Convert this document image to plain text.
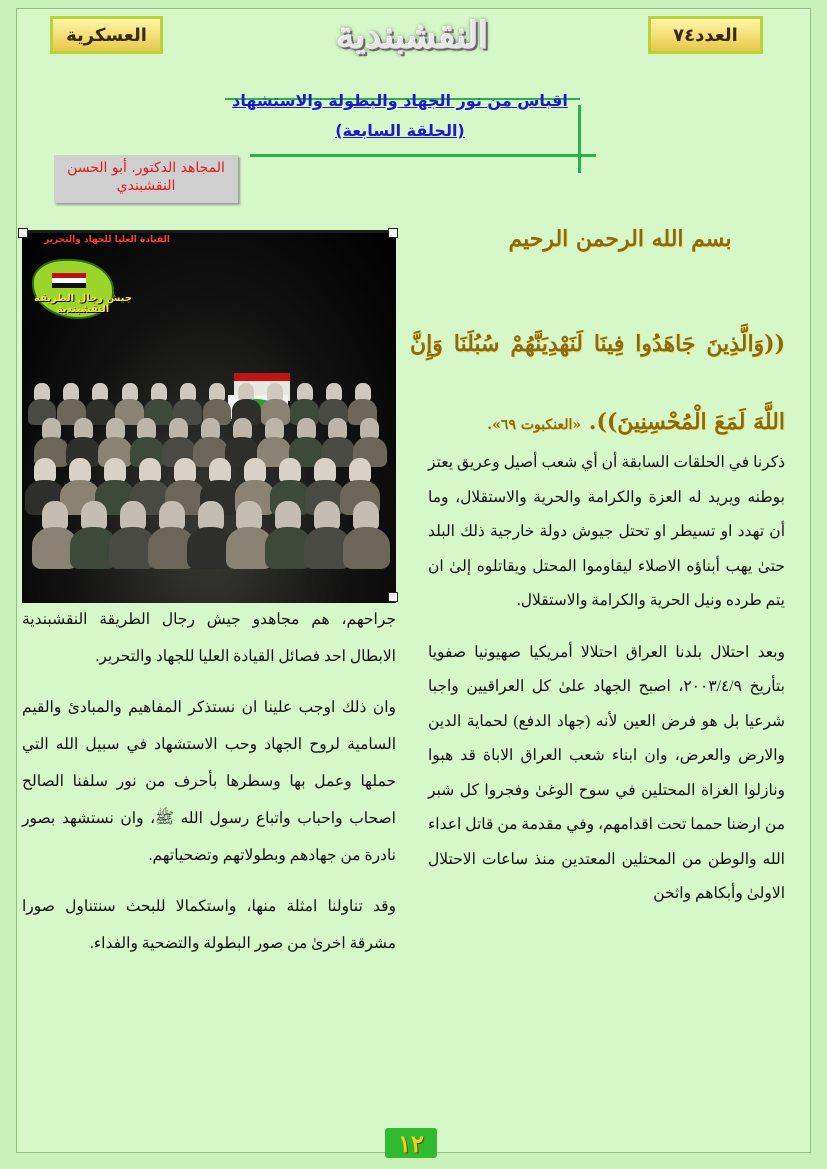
العسكرية	النقشبندية	العدد٧٤
اقباس من نور الجهاد والبطولة والاستشهاد
(الحلقة السابعة)
المجاهد الدكتور. أبو الحسن
النقشبندي
القيادة العليا للجهاد والتحرير
جيش رجال الطريقة النقشبندية
بسم الله الرحمن الرحيم
((وَالَّذِينَ جَاهَدُوا فِينَا لَنَهْدِيَنَّهُمْ سُبُلَنَا وَإِنَّ اللَّهَ لَمَعَ الْمُحْسِنِينَ)). «العنكبوت ٦٩».

ذكرنا في الحلقات السابقة أن أي شعب أصيل وعريق يعتز بوطنه ويريد له العزة والكرامة والحرية والاستقلال، وما أن تهدد او تسيطر او تحتل جيوش دولة خارجية ذلك البلد حتىٰ يهب أبناؤه الاصلاء ليقاوموا المحتل ويقاتلوه إلىٰ ان يتم طرده ونيل الحرية والكرامة والاستقلال.

وبعد احتلال بلدنا العراق احتلالا أمريكيا صهيونيا صفويا بتأريخ ٢٠٠٣/٤/٩، اصبح الجهاد علىٰ كل العراقيين واجبا شرعيا بل هو فرض العين لأنه (جهاد الدفع) لحماية الدين والارض والعرض، وان ابناء شعب العراق الاباة قد هبوا ونازلوا الغزاة المحتلين في سوح الوغىٰ وفجروا كل شبر من ارضنا حمما تحت اقدامهم، وفي مقدمة من قاتل اعداء الله والوطن من المحتلين المعتدين منذ ساعات الاحتلال الاولىٰ وأبكاهم واثخن

جراحهم، هم مجاهدو جيش رجال الطريقة النقشبندية الابطال احد فصائل القيادة العليا للجهاد والتحرير.

وان ذلك اوجب علينا ان نستذكر المفاهيم والمبادئ والقيم السامية لروح الجهاد وحب الاستشهاد في سبيل الله التي حملها وعمل بها وسطرها بأحرف من نور سلفنا الصالح اصحاب واحباب واتباع رسول الله ﷺ، وان نستشهد بصور نادرة من جهادهم وبطولاتهم وتضحياتهم.

وقد تناولنا امثلة منها، واستكمالا للبحث سنتناول صورا مشرقة اخرىٰ من صور البطولة والتضحية والفداء.

١٢
